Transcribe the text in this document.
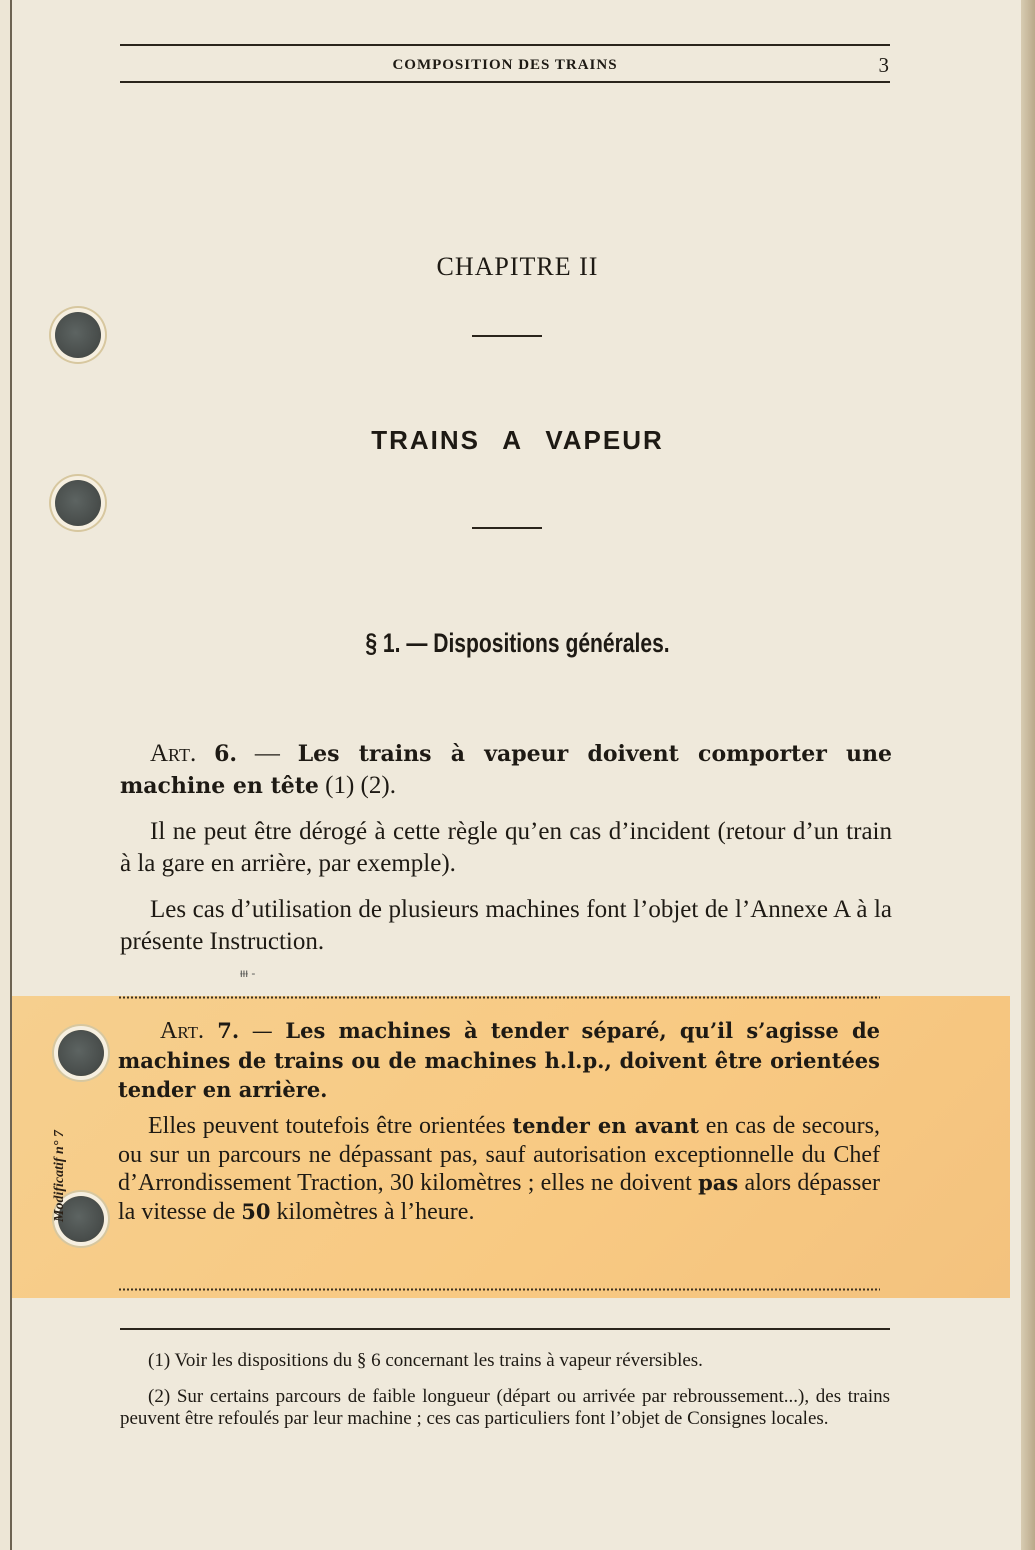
COMPOSITION DES TRAINS	3
CHAPITRE II
TRAINS A VAPEUR
§ 1. — Dispositions générales.

Art. 6. — Les trains à vapeur doivent comporter une machine en tête (1) (2).

Il ne peut être dérogé à cette règle qu’en cas d’incident (retour d’un train à la gare en arrière, par exemple).

Les cas d’utilisation de plusieurs machines font l’objet de l’Annexe A à la présente Instruction.

ᵼᵼᵼ -
Modificatif n° 7

Art. 7. — Les machines à tender séparé, qu’il s’agisse de machines de trains ou de machines h.l.p., doivent être orientées tender en arrière.

Elles peuvent toutefois être orientées tender en avant en cas de secours, ou sur un parcours ne dépassant pas, sauf autorisation exceptionnelle du Chef d’Arrondissement Traction, 30 kilomètres ; elles ne doivent pas alors dépasser la vitesse de 50 kilomètres à l’heure.

(1) Voir les dispositions du § 6 concernant les trains à vapeur réversibles.

(2) Sur certains parcours de faible longueur (départ ou arrivée par rebroussement...), des trains peuvent être refoulés par leur machine ; ces cas particuliers font l’objet de Consignes locales.
